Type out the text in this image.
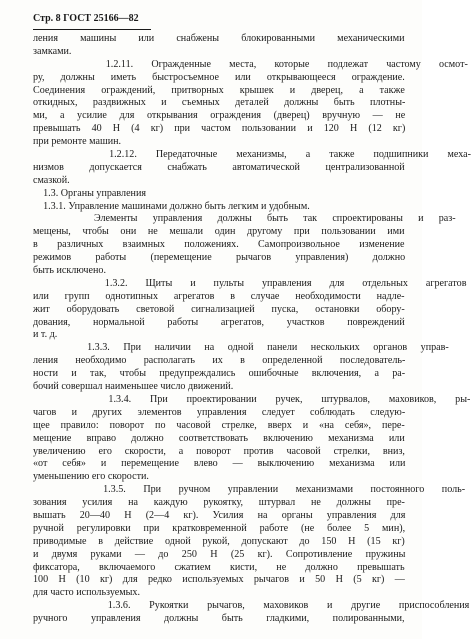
Стр. 8 ГОСТ 25166—82
ления машины или снабжены блокированными механическими
замками.
1.2.11. Огражденные места, которые подлежат частому осмот-
ру, должны иметь быстросъемное или открывающееся ограждение.
Соединения ограждений, притворных крышек и дверец, а также
откидных, раздвижных и съемных деталей должны быть плотны-
ми, а усилие для открывания ограждения (дверец) вручную — не
превышать 40 Н (4 кг) при частом пользовании и 120 Н (12 кг)
при ремонте машин.
1.2.12. Передаточные механизмы, а также подшипники меха-
низмов допускается снабжать автоматической централизованной
смазкой.
1.3. Органы управления
1.3.1. Управление машинами должно быть легким и удобным.
Элементы управления должны быть так спроектированы и раз-
мещены, чтобы они не мешали один другому при пользовании ими
в различных взаимных положениях. Самопроизвольное изменение
режимов работы (перемещение рычагов управления) должно
быть исключено.
1.3.2. Щиты и пульты управления для отдельных агрегатов
или групп однотипных агрегатов в случае необходимости надле-
жит оборудовать световой сигнализацией пуска, остановки обору-
дования, нормальной работы агрегатов, участков повреждений
и т. д.
1.3.3. При наличии на одной панели нескольких органов управ-
ления необходимо располагать их в определенной последователь-
ности и так, чтобы предупреждались ошибочные включения, а ра-
бочий совершал наименьшее число движений.
1.3.4. При проектировании ручек, штурвалов, маховиков, ры-
чагов и других элементов управления следует соблюдать следую-
щее правило: поворот по часовой стрелке, вверх и «на себя», пере-
мещение вправо должно соответствовать включению механизма или
увеличению его скорости, а поворот против часовой стрелки, вниз,
«от себя» и перемещение влево — выключению механизма или
уменьшению его скорости.
1.3.5. При ручном управлении механизмами постоянного поль-
зования усилия на каждую рукоятку, штурвал не должны пре-
вышать 20—40 Н (2—4 кг). Усилия на органы управления для
ручной регулировки при кратковременной работе (не более 5 мин),
приводимые в действие одной рукой, допускают до 150 Н (15 кг)
и двумя руками — до 250 Н (25 кг). Сопротивление пружины
фиксатора, включаемого сжатием кисти, не должно превышать
100 Н (10 кг) для редко используемых рычагов и 50 Н (5 кг) —
для часто используемых.
1.3.6. Рукоятки рычагов, маховиков и другие приспособления
ручного управления должны быть гладкими, полированными,
